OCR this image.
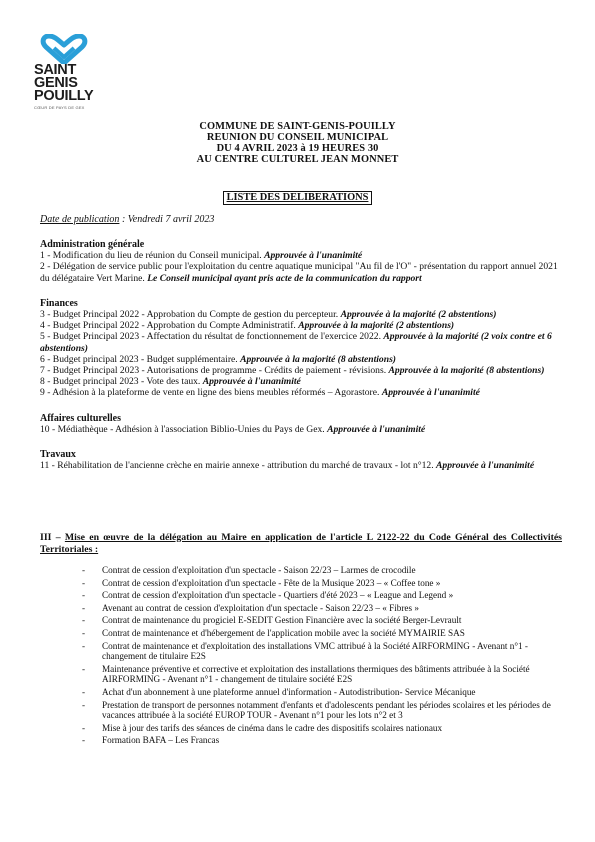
SAINT
GENIS
POUILLY
CŒUR DE PAYS DE GEX
COMMUNE DE SAINT-GENIS-POUILLY
REUNION DU CONSEIL MUNICIPAL
DU 4 AVRIL 2023 à 19 HEURES 30
AU CENTRE CULTUREL JEAN MONNET
LISTE DES DELIBERATIONS
Date de publication : Vendredi 7 avril 2023
Administration générale
1 - Modification du lieu de réunion du Conseil municipal. Approuvée à l'unanimité
2 - Délégation de service public pour l'exploitation du centre aquatique municipal "Au fil de l'O" - présentation du rapport annuel 2021 du délégataire Vert Marine. Le Conseil municipal ayant pris acte de la communication du rapport
Finances
3 - Budget Principal 2022 - Approbation du Compte de gestion du percepteur. Approuvée à la majorité (2 abstentions)
4 - Budget Principal 2022 - Approbation du Compte Administratif. Approuvée à la majorité (2 abstentions)
5 - Budget Principal 2023 - Affectation du résultat de fonctionnement de l'exercice 2022. Approuvée à la majorité (2 voix contre et 6 abstentions)
6 - Budget principal 2023 - Budget supplémentaire. Approuvée à la majorité (8 abstentions)
7 - Budget Principal 2023 - Autorisations de programme - Crédits de paiement - révisions. Approuvée à la majorité (8 abstentions)
8 - Budget principal 2023 - Vote des taux. Approuvée à l'unanimité
9 - Adhésion à la plateforme de vente en ligne des biens meubles réformés – Agorastore. Approuvée à l'unanimité
Affaires culturelles
10 - Médiathèque - Adhésion à l'association Biblio-Unies du Pays de Gex. Approuvée à l'unanimité
Travaux
11 - Réhabilitation de l'ancienne crèche en mairie annexe - attribution du marché de travaux - lot n°12. Approuvée à l'unanimité
III – Mise en œuvre de la délégation au Maire en application de l'article L 2122-22 du Code Général des Collectivités Territoriales :
- Contrat de cession d'exploitation d'un spectacle - Saison 22/23 – Larmes de crocodile
- Contrat de cession d'exploitation d'un spectacle - Fête de la Musique 2023 – « Coffee tone »
- Contrat de cession d'exploitation d'un spectacle - Quartiers d'été 2023 – « League and Legend »
- Avenant au contrat de cession d'exploitation d'un spectacle - Saison 22/23 – « Fibres »
- Contrat de maintenance du progiciel E-SEDIT Gestion Financière avec la société Berger-Levrault
- Contrat de maintenance et d'hébergement de l'application mobile avec la société MYMAIRIE SAS
- Contrat de maintenance et d'exploitation des installations VMC attribué à la Société AIRFORMING - Avenant n°1 - changement de titulaire E2S
- Maintenance préventive et corrective et exploitation des installations thermiques des bâtiments attribuée à la Société AIRFORMING - Avenant n°1 - changement de titulaire société E2S
- Achat d'un abonnement à une plateforme annuel d'information - Autodistribution- Service Mécanique
- Prestation de transport de personnes notamment d'enfants et d'adolescents pendant les périodes scolaires et les périodes de vacances attribuée à la société EUROP TOUR - Avenant n°1 pour les lots n°2 et 3
- Mise à jour des tarifs des séances de cinéma dans le cadre des dispositifs scolaires nationaux
- Formation BAFA – Les Francas
